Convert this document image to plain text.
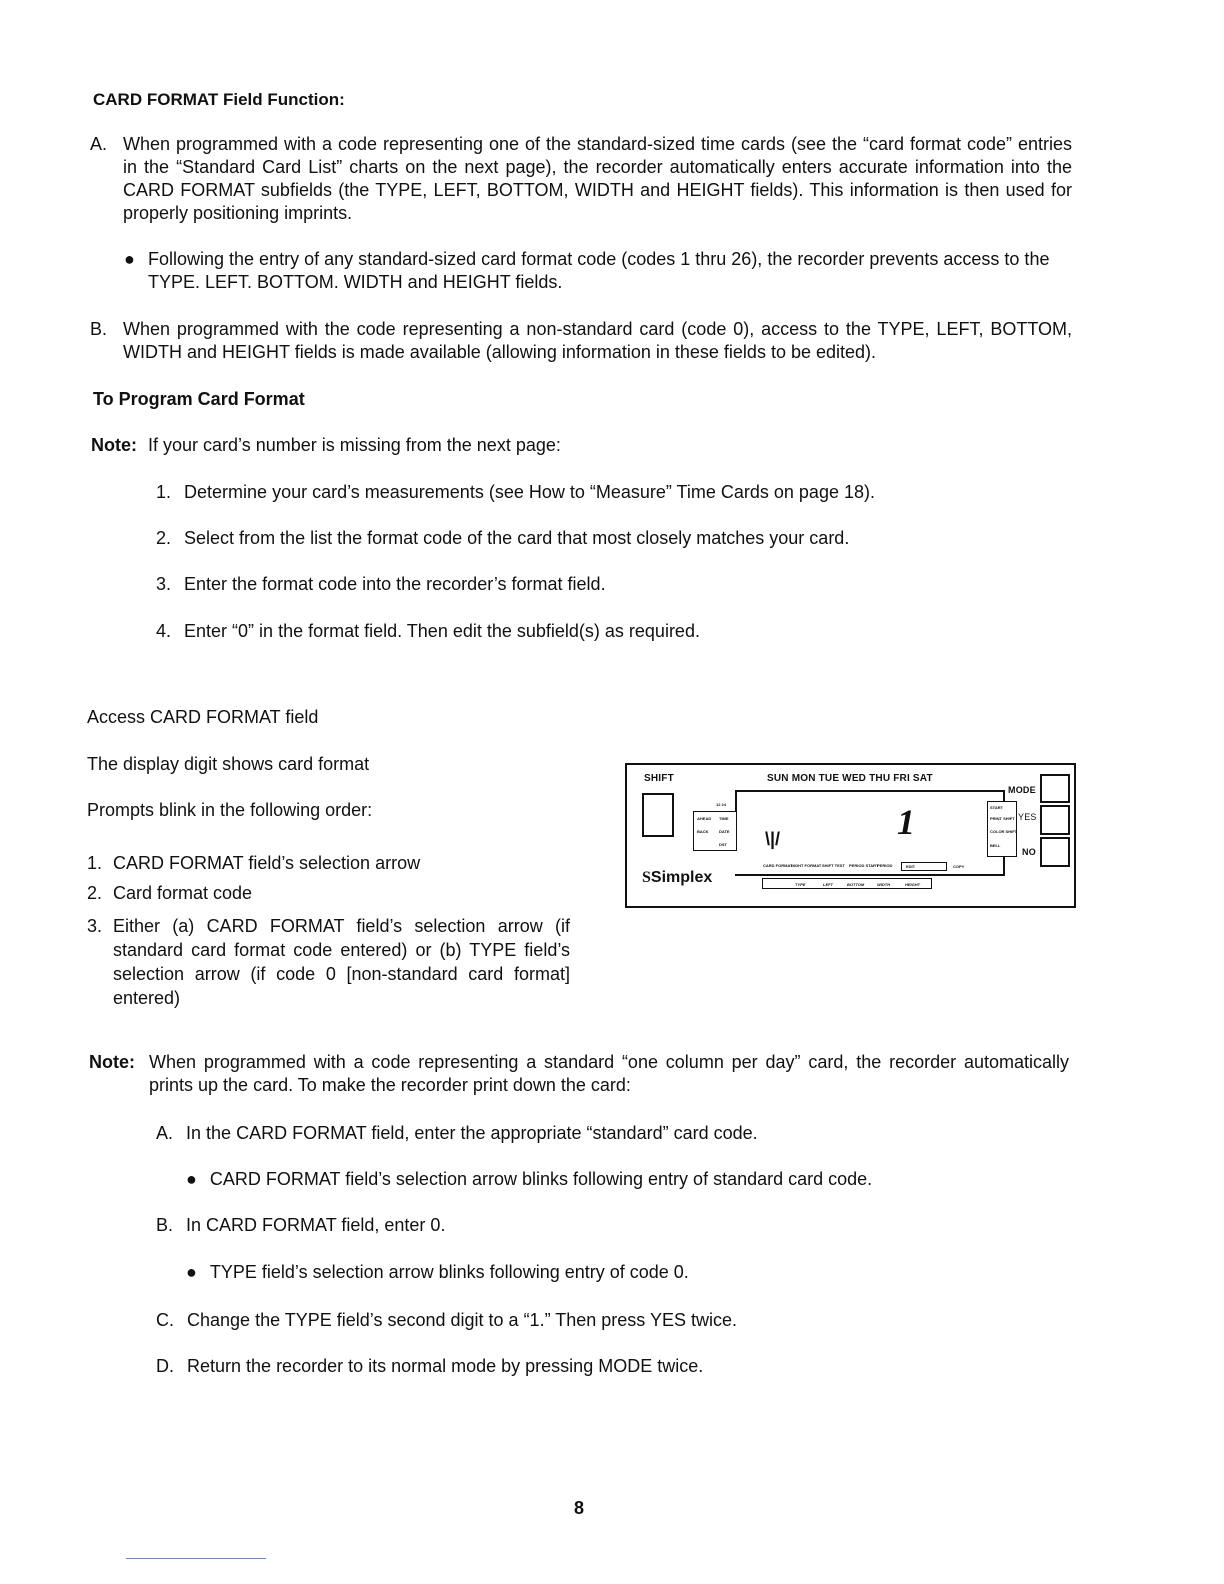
CARD FORMAT Field Function:
A. When programmed with a code representing one of the standard-sized time cards (see the “card format code” entries in the “Standard Card List” charts on the next page), the recorder automatically enters accurate information into the CARD FORMAT subfields (the TYPE, LEFT, BOTTOM, WIDTH and HEIGHT fields). This information is then used for properly positioning imprints.
● Following the entry of any standard-sized card format code (codes 1 thru 26), the recorder prevents access to the TYPE. LEFT. BOTTOM. WIDTH and HEIGHT fields.
B. When programmed with the code representing a non-standard card (code 0), access to the TYPE, LEFT, BOTTOM, WIDTH and HEIGHT fields is made available (allowing information in these fields to be edited).
To Program Card Format
Note: If your card’s number is missing from the next page:
1. Determine your card’s measurements (see How to “Measure” Time Cards on page 18).
2. Select from the list the format code of the card that most closely matches your card.
3. Enter the format code into the recorder’s format field.
4. Enter “0” in the format field. Then edit the subfield(s) as required.
Access CARD FORMAT field
The display digit shows card format
Prompts blink in the following order:
1. CARD FORMAT field’s selection arrow
2. Card format code
3. Either (a) CARD FORMAT field’s selection arrow (if standard card format code entered) or (b) TYPE field’s selection arrow (if code 0 [non-standard card format] entered)
SHIFT	SUN MON TUE WED THU FRI SAT
MODE
YES
NO
1
\|/
12 24
AHEAD TIME
BACK	DATE
DST
START
PRINT SHIFT
COLOR SHIFT
BELL
CARD FORMAT
NIGHT FORMAT SHIFT TEST PERIOD START
PERIOD	EDIT	COPY
TYPE	LEFT	BOTTOM	WIDTH	HEIGHT
SSimplex
Note: When programmed with a code representing a standard “one column per day” card, the recorder automatically prints up the card. To make the recorder print down the card:
A. In the CARD FORMAT field, enter the appropriate “standard” card code.
● CARD FORMAT field’s selection arrow blinks following entry of standard card code.
B. In CARD FORMAT field, enter 0.
● TYPE field’s selection arrow blinks following entry of code 0.
C. Change the TYPE field’s second digit to a “1.” Then press YES twice.
D. Return the recorder to its normal mode by pressing MODE twice.
8
